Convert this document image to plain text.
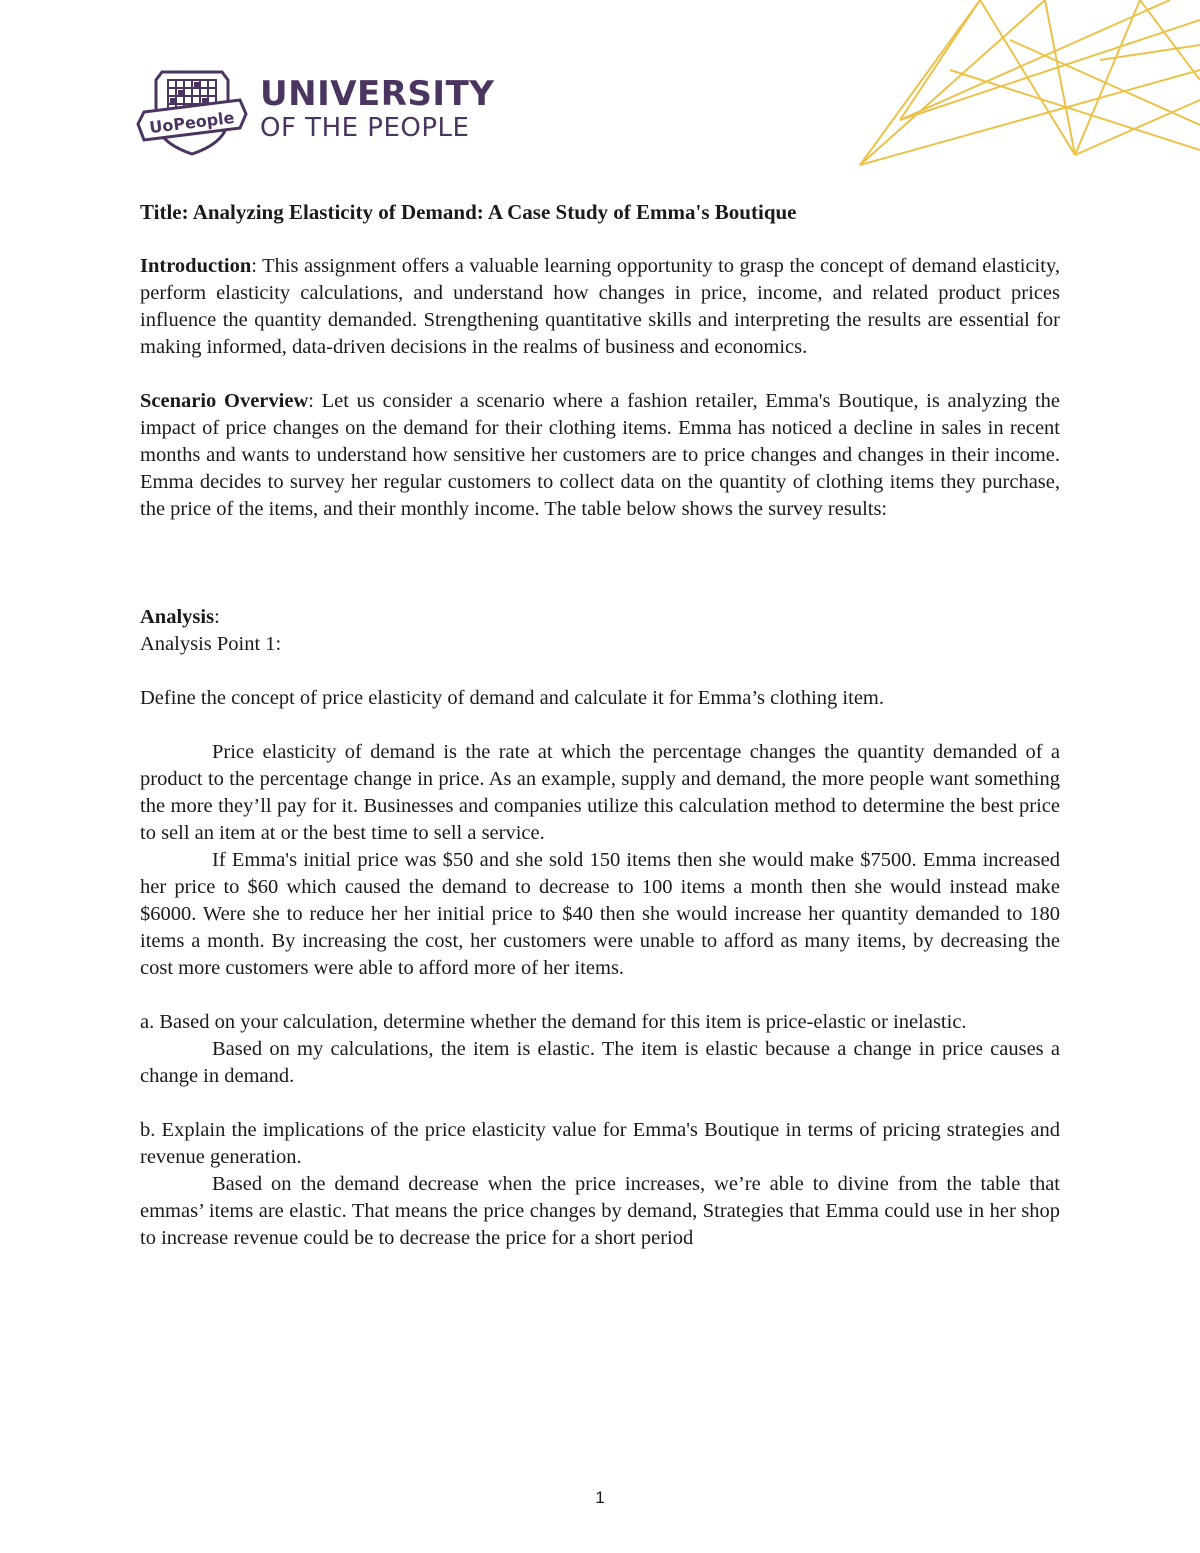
UoPeople
UNIVERSITY
OF THE PEOPLE

Title: Analyzing Elasticity of Demand: A Case Study of Emma's Boutique

Introduction: This assignment offers a valuable learning opportunity to grasp the concept of demand elasticity, perform elasticity calculations, and understand how changes in price, income, and related product prices influence the quantity demanded. Strengthening quantitative skills and interpreting the results are essential for making informed, data-driven decisions in the realms of business and economics.

Scenario Overview: Let us consider a scenario where a fashion retailer, Emma's Boutique, is analyzing the impact of price changes on the demand for their clothing items. Emma has noticed a decline in sales in recent months and wants to understand how sensitive her customers are to price changes and changes in their income. Emma decides to survey her regular customers to collect data on the quantity of clothing items they purchase, the price of the items, and their monthly income. The table below shows the survey results:

Analysis:

Analysis Point 1:

Define the concept of price elasticity of demand and calculate it for Emma’s clothing item.

Price elasticity of demand is the rate at which the percentage changes the quantity demanded of a product to the percentage change in price. As an example, supply and demand, the more people want something the more they’ll pay for it. Businesses and companies utilize this calculation method to determine the best price to sell an item at or the best time to sell a service.

If Emma's initial price was $50 and she sold 150 items then she would make $7500. Emma increased her price to $60 which caused the demand to decrease to 100 items a month then she would instead make $6000. Were she to reduce her her initial price to $40 then she would increase her quantity demanded to 180 items a month. By increasing the cost, her customers were unable to afford as many items, by decreasing the cost more customers were able to afford more of her items.

a. Based on your calculation, determine whether the demand for this item is price-elastic or inelastic.

Based on my calculations, the item is elastic. The item is elastic because a change in price causes a change in demand.

b. Explain the implications of the price elasticity value for Emma's Boutique in terms of pricing strategies and revenue generation.

Based on the demand decrease when the price increases, we’re able to divine from the table that emmas’ items are elastic. That means the price changes by demand, Strategies that Emma could use in her shop to increase revenue could be to decrease the price for a short period

1
